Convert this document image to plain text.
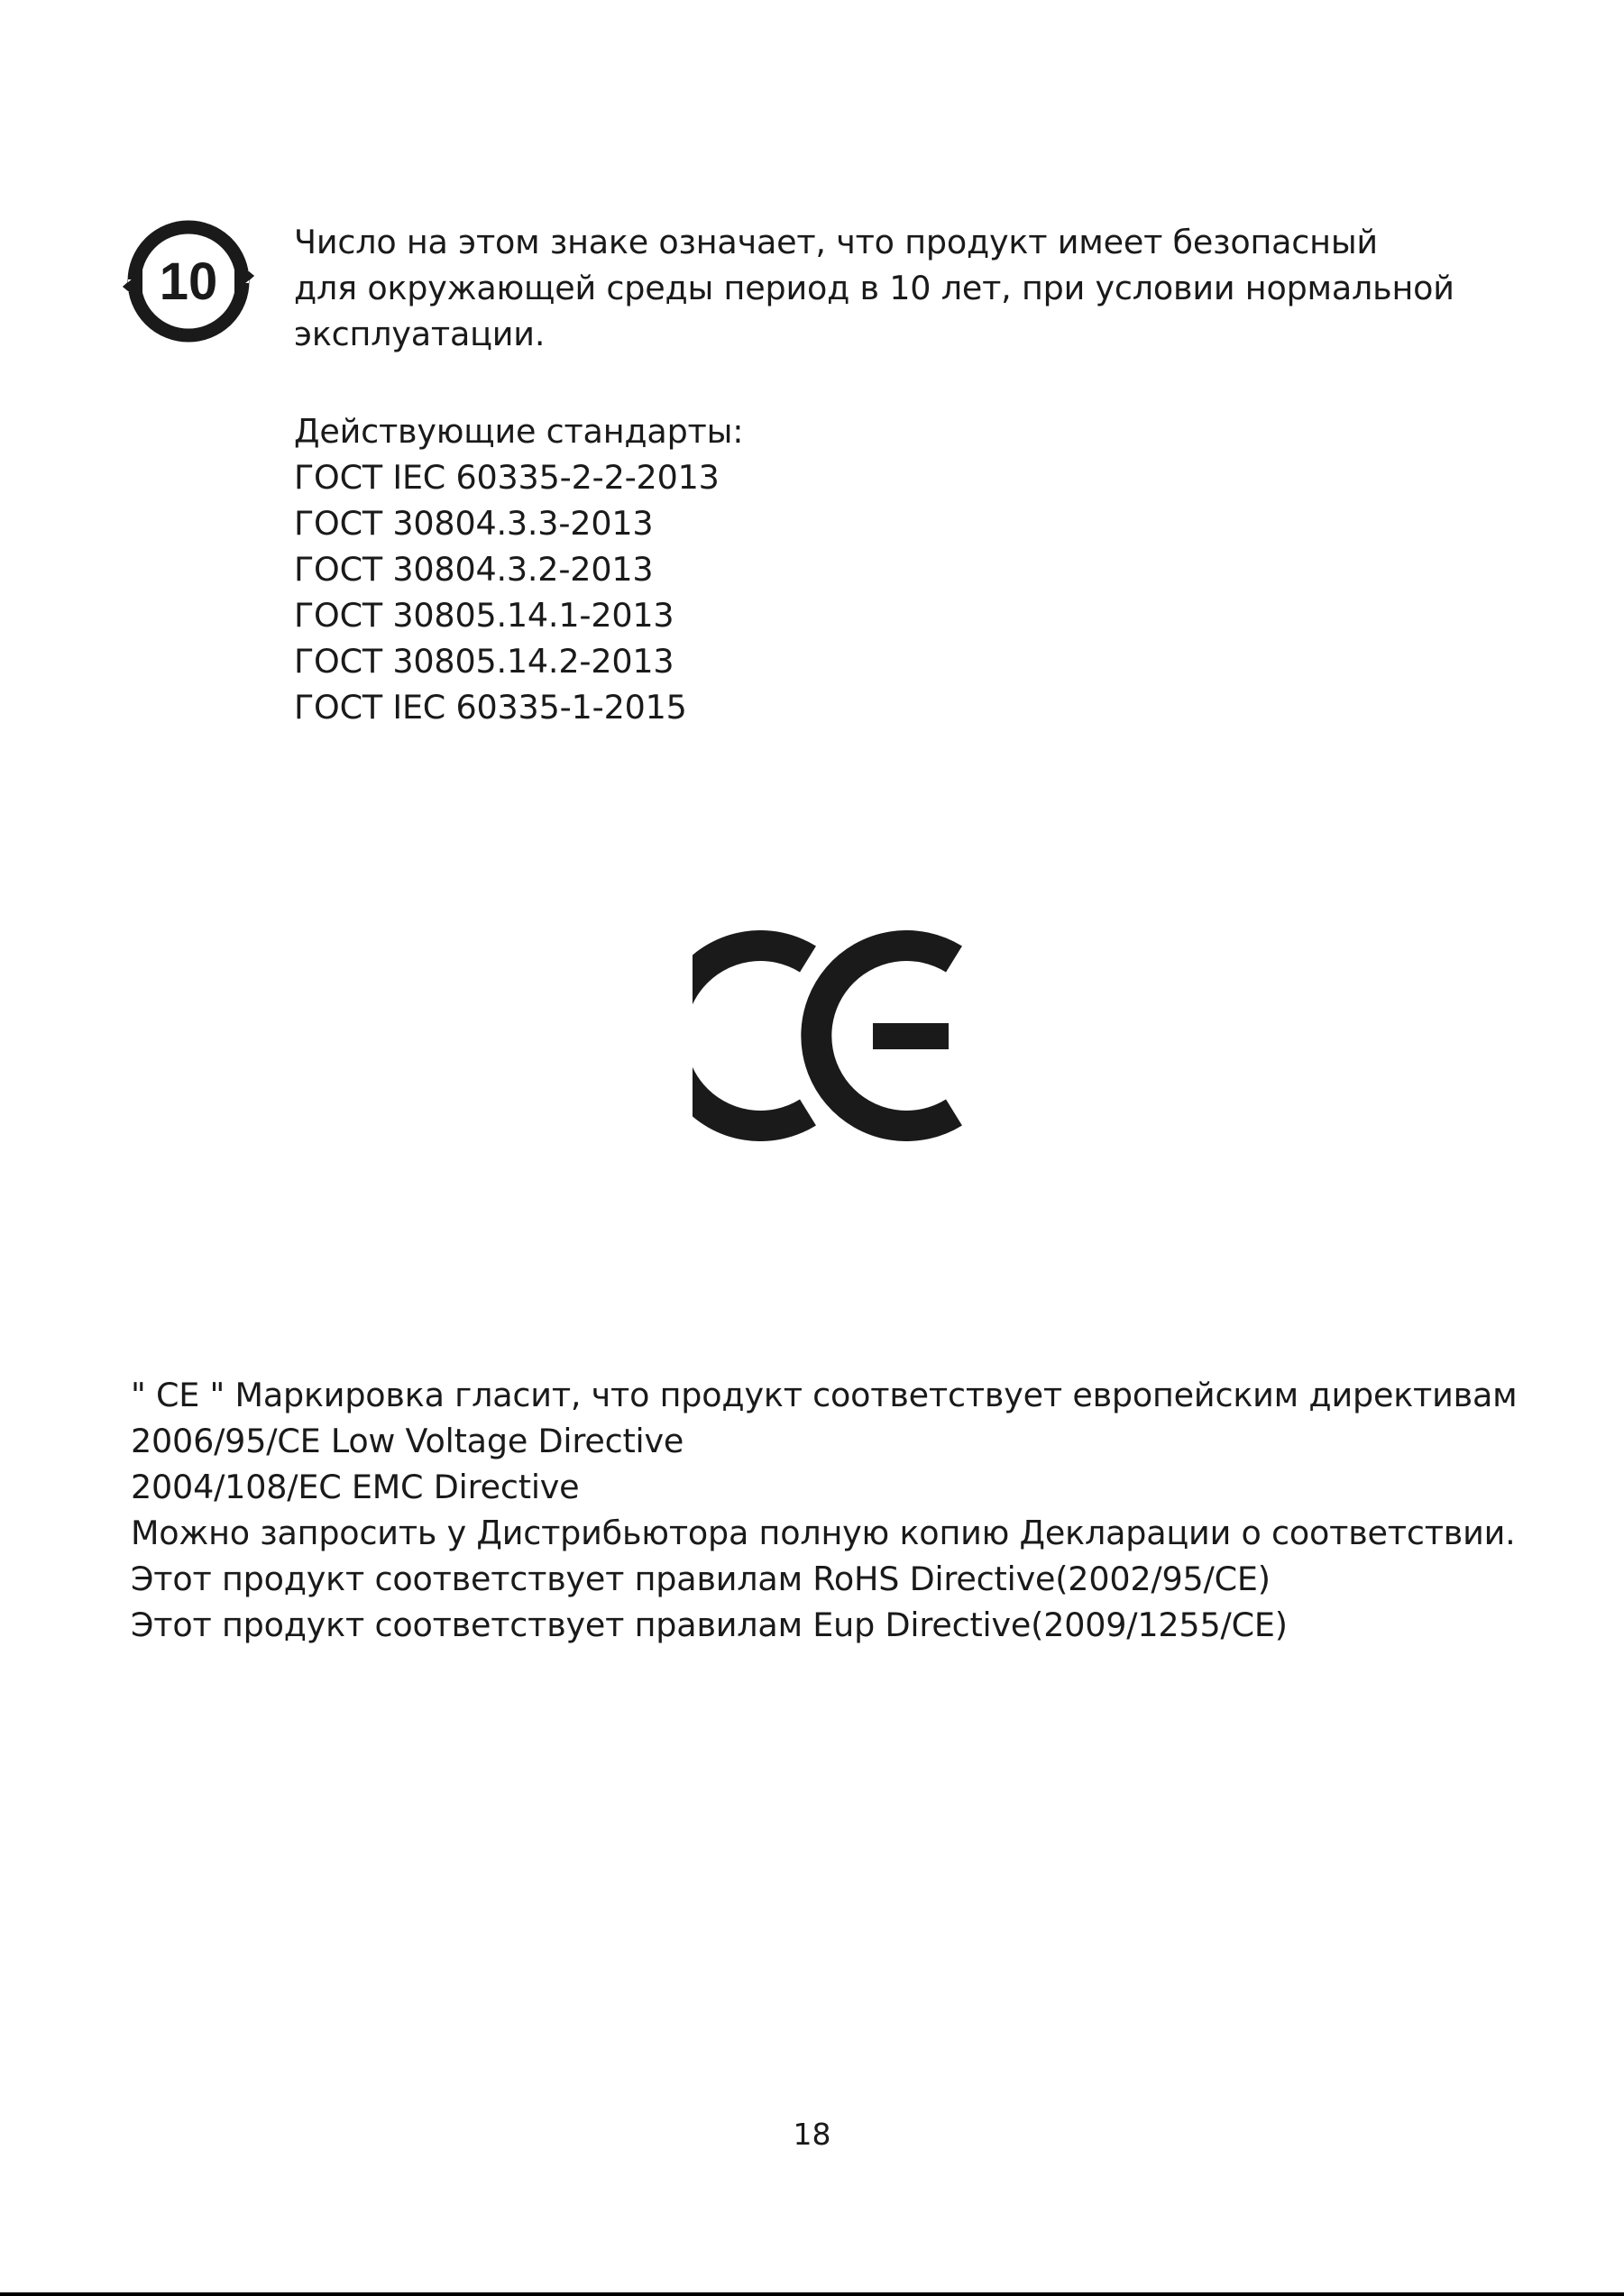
10
Число на этом знаке означает, что продукт имеет безопасный
для окружающей среды период в 10 лет, при условии нормальной
эксплуатации.
Действующие стандарты:
ГОСТ IEC 60335-2-2-2013
ГОСТ 30804.3.3-2013
ГОСТ 30804.3.2-2013
ГОСТ 30805.14.1-2013
ГОСТ 30805.14.2-2013
ГОСТ IEC 60335-1-2015
" CE " Маркировка гласит, что продукт соответствует европейским директивам
2006/95/CE Low Voltage Directive
2004/108/EC EMC Directive
Можно запросить у Дистрибьютора полную копию Декларации о соответствии.
Этот продукт соответствует правилам RoHS Directive(2002/95/CE)
Этот продукт соответствует правилам Eup Directive(2009/1255/CE)
18
